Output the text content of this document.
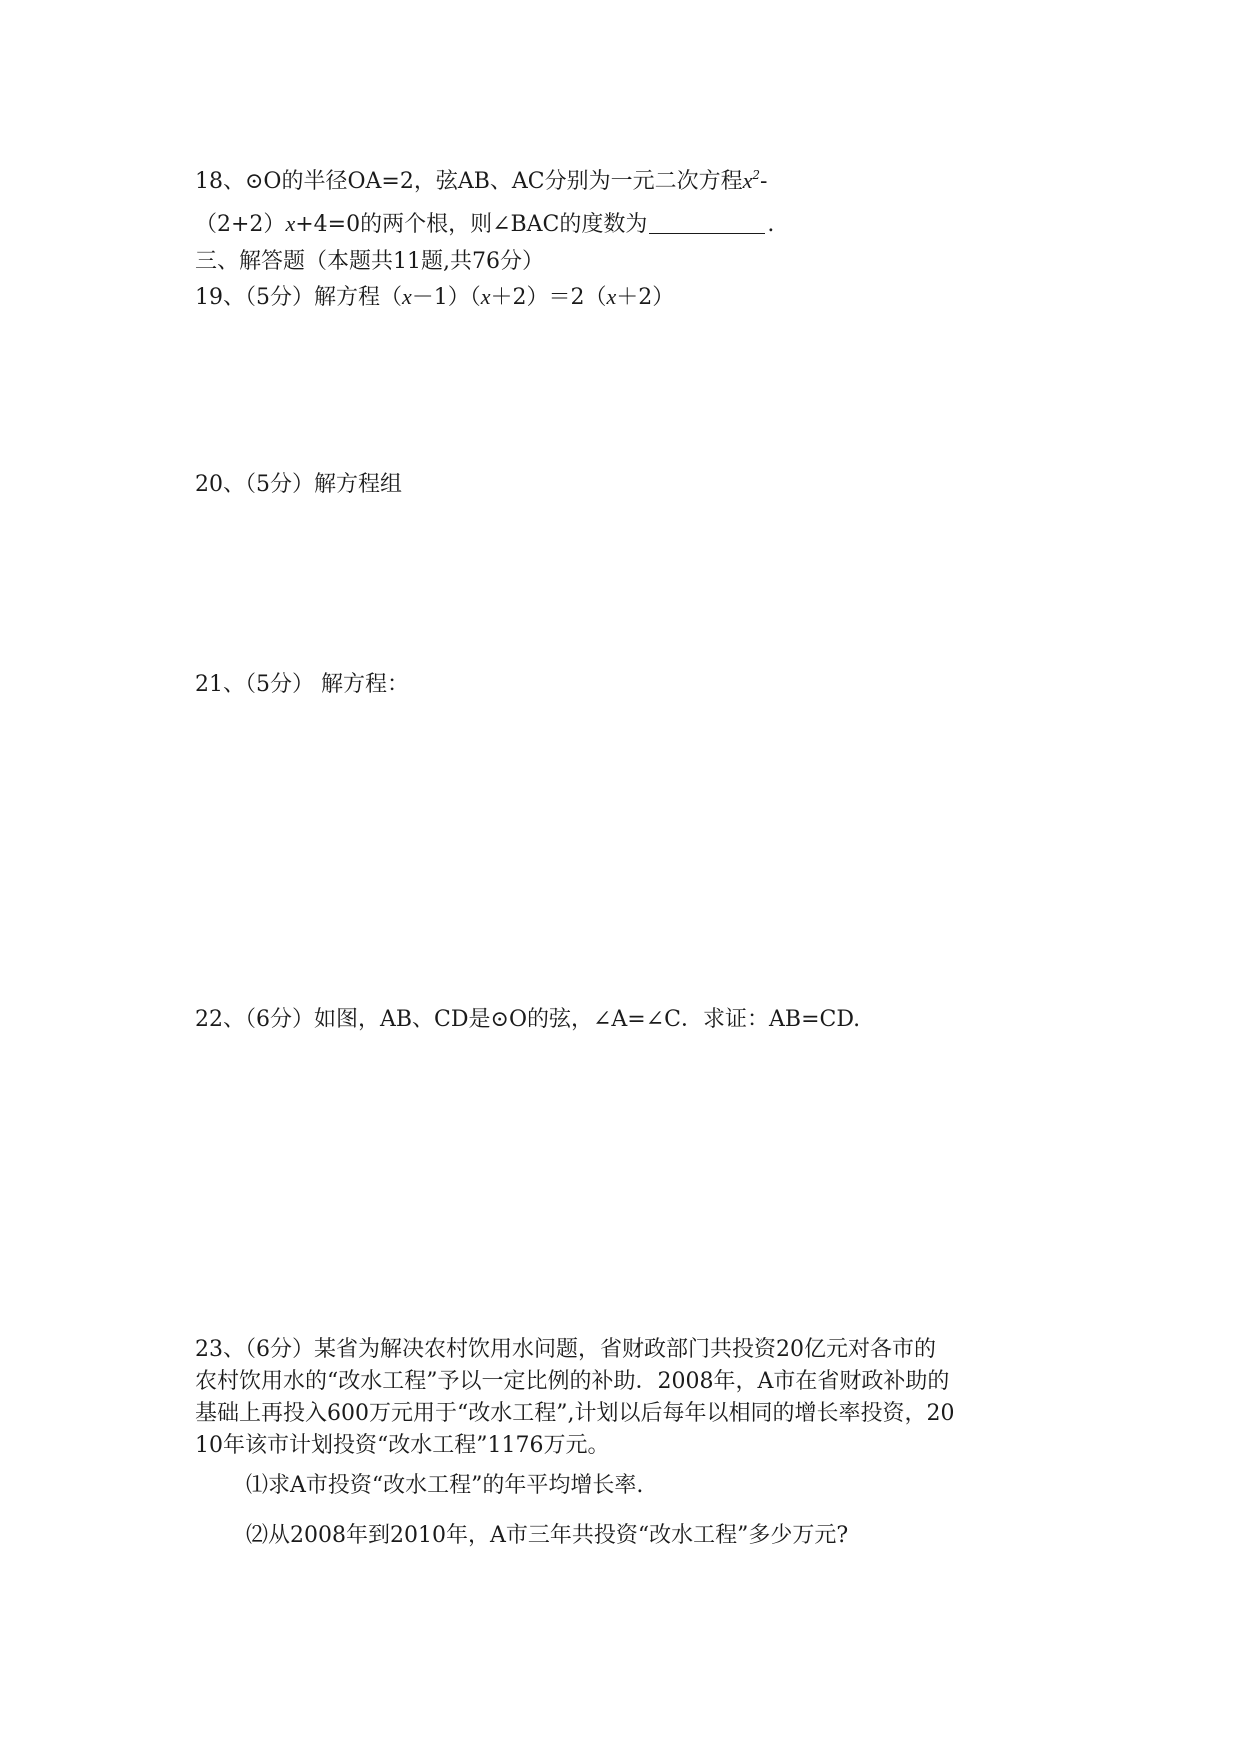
18、⊙O的半径OA=2，弦AB、AC分别为一元二次方程$x^2-$
（2+2）x+4=0的两个根，则∠BAC的度数为	.
三、解答题（本题共11题,共76分）
19、（5分）解方程（x－1）（x＋2）＝2（x＋2）
20、（5分）解方程组
21、（5分） 解方程：
22、（6分）如图，AB、CD是⊙O的弦，∠A=∠C．求证：AB=CD.
23、（6分）某省为解决农村饮用水问题，省财政部门共投资20亿元对各市的
农村饮用水的“改水工程”予以一定比例的补助．2008年，A市在省财政补助的
基础上再投入600万元用于“改水工程”,计划以后每年以相同的增长率投资，20
10年该市计划投资“改水工程”1176万元。
⑴求A市投资“改水工程”的年平均增长率.
⑵从2008年到2010年，A市三年共投资“改水工程”多少万元?
